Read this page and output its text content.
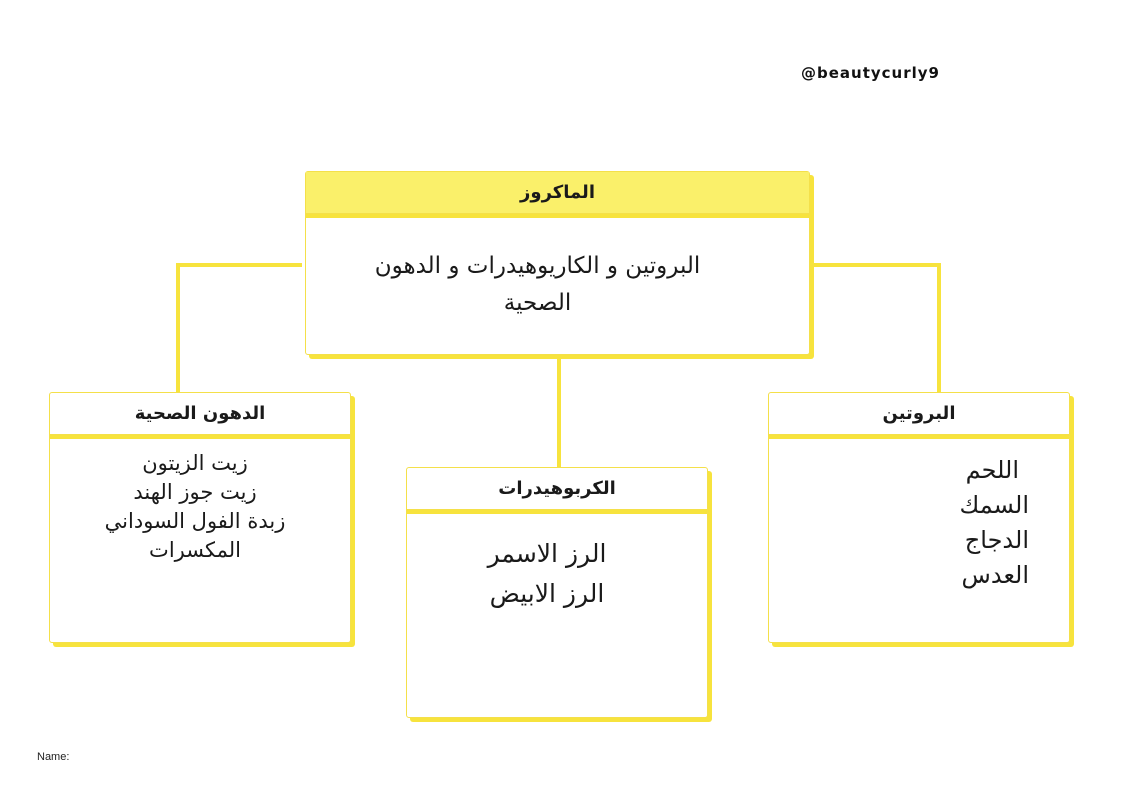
@beautycurly9
الماكروز
البروتين و الكاريوهيدرات و الدهون
الصحية
الدهون الصحية
زيت الزيتون
زيت جوز الهند
زبدة الفول السوداني
المكسرات
الكربوهيدرات
الرز الاسمر
الرز الابيض
البروتين
اللحم
السمك
الدجاج
العدس
Name:
